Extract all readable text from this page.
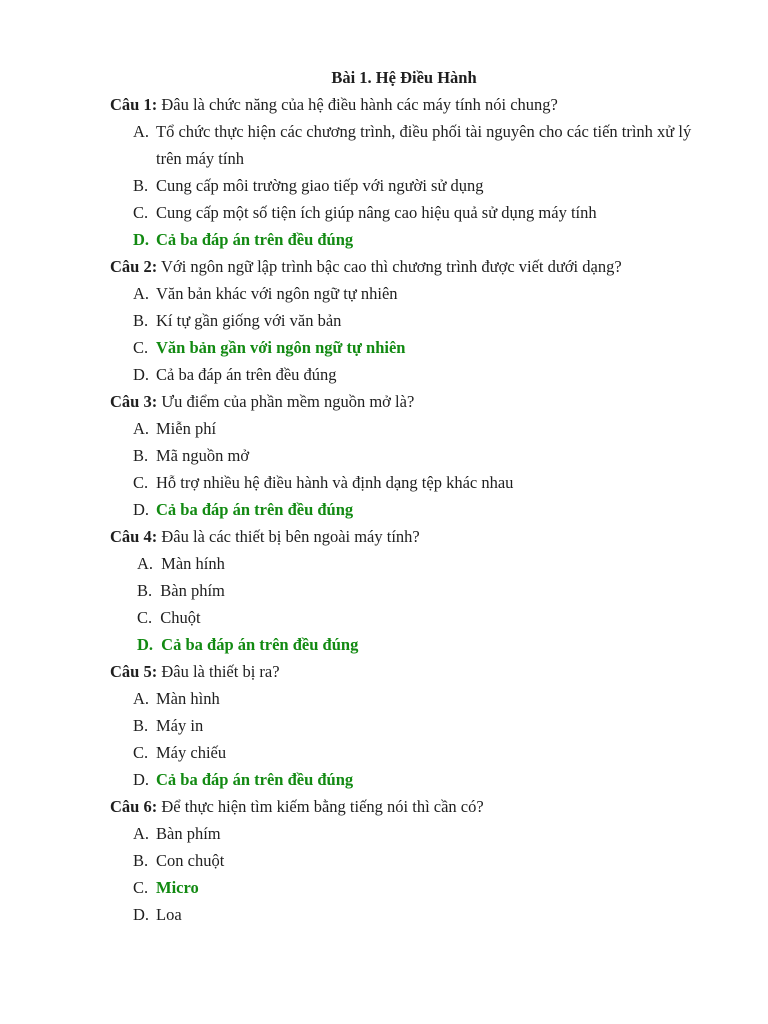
Bài 1. Hệ Điều Hành
Câu 1: Đâu là chức năng của hệ điều hành các máy tính nói chung?
A. Tổ chức thực hiện các chương trình, điều phối tài nguyên cho các tiến trình xử lý trên máy tính
B. Cung cấp môi trường giao tiếp với người sử dụng
C. Cung cấp một số tiện ích giúp nâng cao hiệu quả sử dụng máy tính
D. Cả ba đáp án trên đều đúng
Câu 2: Với ngôn ngữ lập trình bậc cao thì chương trình được viết dưới dạng?
A. Văn bản khác với ngôn ngữ tự nhiên
B. Kí tự gần giống với văn bản
C. Văn bản gần với ngôn ngữ tự nhiên
D. Cả ba đáp án trên đều đúng
Câu 3: Ưu điểm của phần mềm nguồn mở là?
A. Miễn phí
B. Mã nguồn mở
C. Hỗ trợ nhiều hệ điều hành và định dạng tệp khác nhau
D. Cả ba đáp án trên đều đúng
Câu 4: Đâu là các thiết bị bên ngoài máy tính?
A. Màn hính
B. Bàn phím
C. Chuột
D. Cả ba đáp án trên đều đúng
Câu 5: Đâu là thiết bị ra?
A. Màn hình
B. Máy in
C. Máy chiếu
D. Cả ba đáp án trên đều đúng
Câu 6: Để thực hiện tìm kiếm bằng tiếng nói thì cần có?
A. Bàn phím
B. Con chuột
C. Micro
D. Loa
